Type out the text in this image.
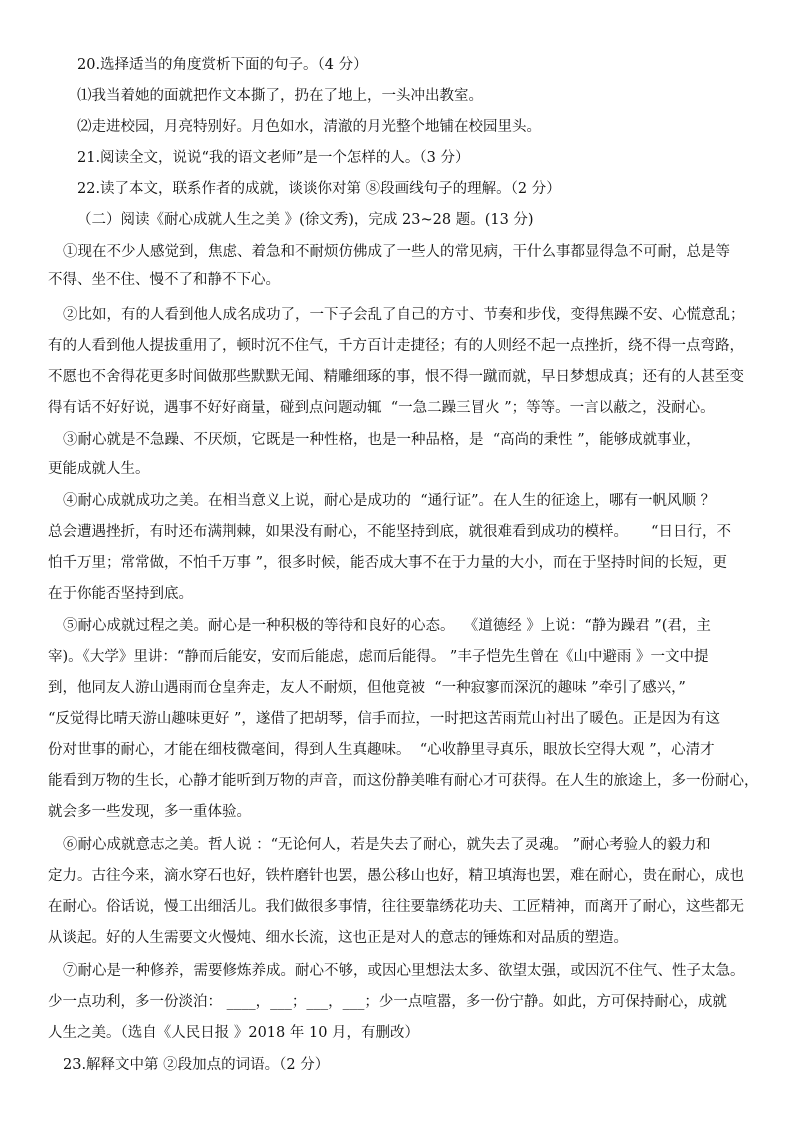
20.选择适当的角度赏析下面的句子。（4 分）
⑴我当着她的面就把作文本撕了，扔在了地上，一头冲出教室。
⑵走进校园，月亮特别好。月色如水，清澈的月光整个地铺在校园里头。
21.阅读全文，说说“我的语文老师”是一个怎样的人。（3 分）
22.读了本文，联系作者的成就，谈谈你对第 ⑧段画线句子的理解。（2 分）
（二）阅读《耐心成就人生之美 》(徐文秀)，完成 23~28 题。(13 分)
①现在不少人感觉到，焦虑、着急和不耐烦仿佛成了一些人的常见病，干什么事都显得急不可耐，总是等
不得、坐不住、慢不了和静不下心。
②比如，有的人看到他人成名成功了，一下子会乱了自己的方寸、节奏和步伐，变得焦躁不安、心慌意乱；
有的人看到他人提拔重用了，顿时沉不住气，千方百计走捷径；有的人则经不起一点挫折，绕不得一点弯路，
不愿也不舍得花更多时间做那些默默无闻、精雕细琢的事，恨不得一蹴而就，早日梦想成真；还有的人甚至变
得有话不好好说，遇事不好好商量，碰到点问题动辄  “一急二躁三冒火 ”；等等。一言以蔽之，没耐心。
③耐心就是不急躁、不厌烦，它既是一种性格，也是一种品格，是  “高尚的秉性 ”，能够成就事业，
更能成就人生。
④耐心成就成功之美。在相当意义上说，耐心是成功的  “通行证”。在人生的征途上，哪有一帆风顺 ？
总会遭遇挫折，有时还布满荆棘，如果没有耐心，不能坚持到底，就很难看到成功的模样。     “日日行，不
怕千万里；常常做，不怕千万事 ”，很多时候，能否成大事不在于力量的大小，而在于坚持时间的长短，更
在于你能否坚持到底。
⑤耐心成就过程之美。耐心是一种积极的等待和良好的心态。  《道德经 》上说：“静为躁君 ”(君，主
宰)。《大学》里讲：“静而后能安，安而后能虑，虑而后能得。 ”丰子恺先生曾在《山中避雨 》一文中提
到，他同友人游山遇雨而仓皇奔走，友人不耐烦，但他竟被  “一种寂寥而深沉的趣味 ”牵引了感兴，”
“反觉得比晴天游山趣味更好 ”，遂借了把胡琴，信手而拉，一时把这苦雨荒山衬出了暖色。正是因为有这
份对世事的耐心，才能在细枝微毫间，得到人生真趣味。  “心收静里寻真乐，眼放长空得大观 ”，心清才
能看到万物的生长，心静才能听到万物的声音，而这份静美唯有耐心才可获得。在人生的旅途上，多一份耐心，
就会多一些发现，多一重体验。
⑥耐心成就意志之美。哲人说 ：“无论何人，若是失去了耐心，就失去了灵魂。 ”耐心考验人的毅力和
定力。古往今来，滴水穿石也好，铁杵磨针也罢，愚公移山也好，精卫填海也罢，难在耐心，贵在耐心，成也
在耐心。俗话说，慢工出细活儿。我们做很多事情，往往要靠绣花功夫、工匠精神，而离开了耐心，这些都无
从谈起。好的人生需要文火慢炖、细水长流，这也正是对人的意志的锤炼和对品质的塑造。
⑦耐心是一种修养，需要修炼养成。耐心不够，或因心里想法太多、欲望太强，或因沉不住气、性子太急。
少一点功利，多一份淡泊： ____，___；___，___；少一点喧嚣，多一份宁静。如此，方可保持耐心，成就
人生之美。（选自《人民日报 》2018 年 10 月，有删改）
23.解释文中第 ②段加点的词语。（2 分）
